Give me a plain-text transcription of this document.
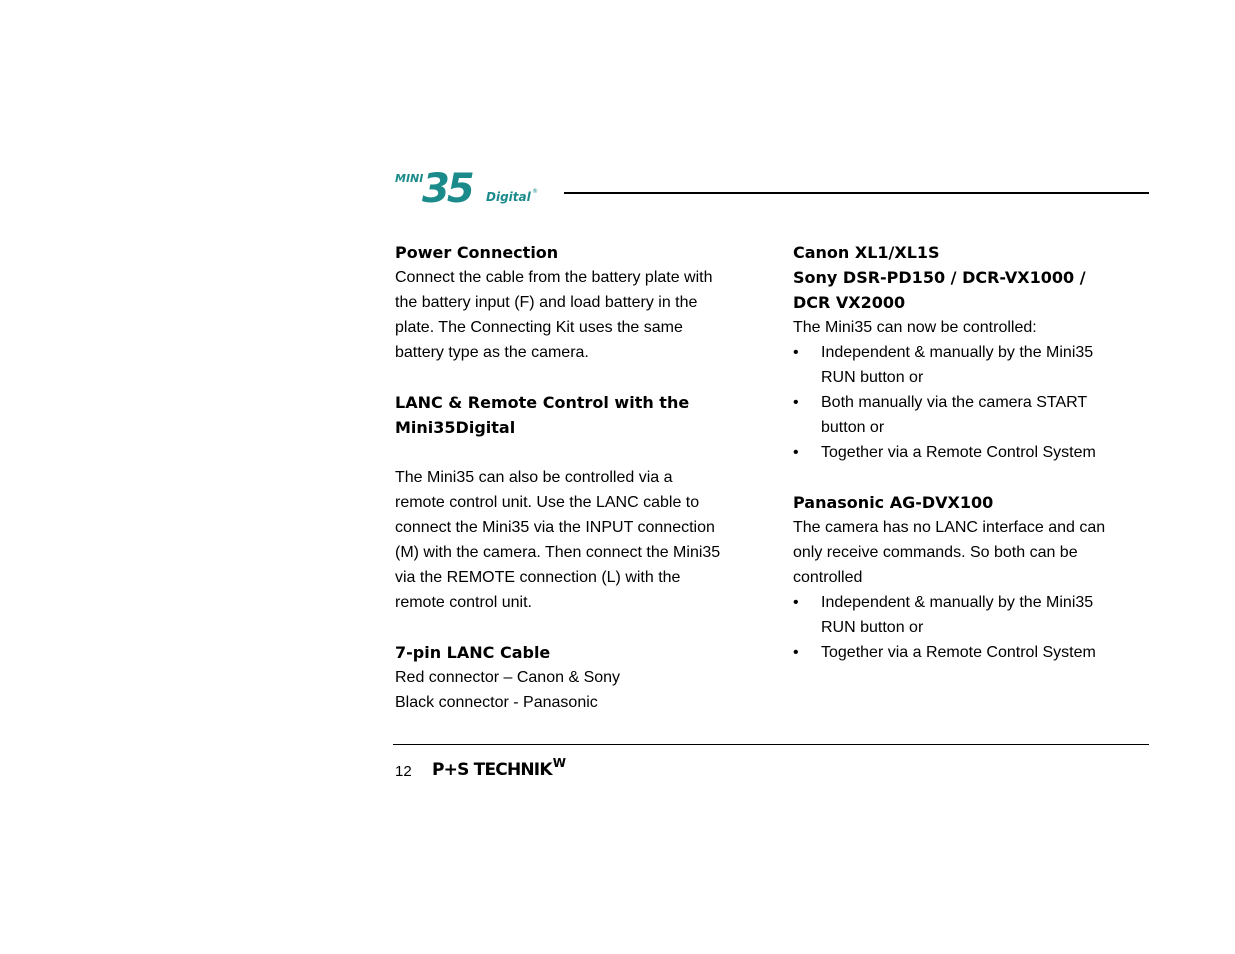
MINI
35 Digital ®
Power Connection
Connect the cable from the battery plate with
the battery input (F) and load battery in the
plate. The Connecting Kit uses the same
battery type as the camera.
LANC & Remote Control with the
Mini35Digital
The Mini35 can also be controlled via a
remote control unit. Use the LANC cable to
connect the Mini35 via the INPUT connection
(M) with the camera. Then connect the Mini35
via the REMOTE connection (L) with the
remote control unit.
7-pin LANC Cable
Red connector – Canon & Sony
Black connector - Panasonic
Canon XL1/XL1S
Sony DSR-PD150 / DCR-VX1000 /
DCR VX2000
The Mini35 can now be controlled:
• Independent & manually by the Mini35
RUN button or
• Both manually via the camera START
button or
• Together via a Remote Control System
Panasonic AG-DVX100
The camera has no LANC interface and can
only receive commands. So both can be
controlled
• Independent & manually by the Mini35
RUN button or
• Together via a Remote Control System
12 P+S $TECHNIK^W$
